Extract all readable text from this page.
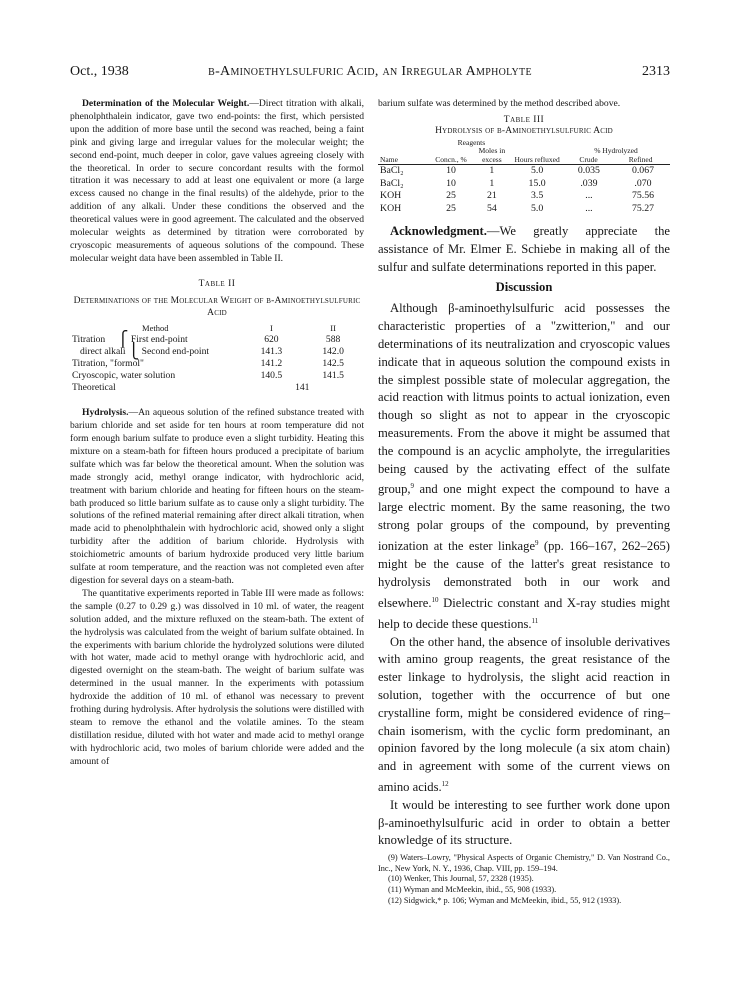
Oct., 1938	β-Aminoethylsulfuric Acid, an Irregular Ampholyte	2313

Determination of the Molecular Weight.—Direct titration with alkali, phenolphthalein indicator, gave two end-points: the first, which persisted upon the addition of more base until the second was reached, being a faint pink and giving large and irregular values for the molecular weight; the second end-point, much deeper in color, gave values agreeing closely with the theoretical. In order to secure concordant results with the formol titration it was necessary to add at least one equivalent or more (a large excess caused no change in the final results) of the aldehyde, prior to the addition of any alkali. Under these conditions the observed and the theoretical values were in good agreement. The calculated and the observed molecular weights as determined by titration were corroborated by cryoscopic measurements of aqueous solutions of the compound. These molecular weight data have been assembled in Table II.

Table II
Determinations of the Molecular Weight of β-Aminoethylsulfuric Acid
Method	I	II
Titration ⎧ First end-point	620	588
direct alkali ⎩ Second end-point	141.3	142.0
Titration, "formol"	141.2	142.5
Cryoscopic, water solution	140.5	141.5
Theoretical	141	

Hydrolysis.—An aqueous solution of the refined substance treated with barium chloride and set aside for ten hours at room temperature did not form enough barium sulfate to produce even a slight turbidity. Heating this mixture on a steam-bath for fifteen hours produced a precipitate of barium sulfate which was far below the theoretical amount. When the solution was made strongly acid, methyl orange indicator, with hydrochloric acid, treatment with barium chloride and heating for fifteen hours on the steam-bath produced so little barium sulfate as to cause only a slight turbidity. The solutions of the refined material remaining after direct alkali titration, when made acid to phenolphthalein with hydrochloric acid, showed only a slight turbidity after the addition of barium chloride. Hydrolysis with stoichiometric amounts of barium hydroxide produced very little barium sulfate at room temperature, and the reaction was not completed even after digestion for several days on a steam-bath.

The quantitative experiments reported in Table III were made as follows: the sample (0.27 to 0.29 g.) was dissolved in 10 ml. of water, the reagent solution added, and the mixture refluxed on the steam-bath. The extent of the hydrolysis was calculated from the weight of barium sulfate obtained. In the experiments with barium chloride the hydrolyzed solutions were diluted with hot water, made acid to methyl orange with hydrochloric acid, and digested overnight on the steam-bath. The weight of barium sulfate was determined in the usual manner. In the experiments with potassium hydroxide the addition of 10 ml. of ethanol was necessary to prevent frothing during hydrolysis. After hydrolysis the solutions were distilled with steam to remove the ethanol and the volatile amines. To the steam distillation residue, diluted with hot water and made acid to methyl orange with hydrochloric acid, two moles of barium chloride were added and the amount of

barium sulfate was determined by the method described above.

Table III
Hydrolysis of β-Aminoethylsulfuric Acid
	Reagents				
Name	Concn., %	Moles in excess	Hours refluxed	% Hydrolyzed
Crude Refined	

BaCl₂	10	1	5.0	0.035	0.067
BaCl₂	10	1	15.0	.039	.070
KOH	25	21	3.5	...	75.56
KOH	25	54	5.0	...	75.27

Acknowledgment.—We greatly appreciate the assistance of Mr. Elmer E. Schiebe in making all of the sulfur and sulfate determinations reported in this paper.

Discussion

Although β-aminoethylsulfuric acid possesses the characteristic properties of a "zwitterion," and our determinations of its neutralization and cryoscopic values indicate that in aqueous solution the compound exists in the simplest possible state of molecular aggregation, the acid reaction with litmus points to actual ionization, even though so slight as not to appear in the cryoscopic measurements. From the above it might be assumed that the compound is an acyclic ampholyte, the irregularities being caused by the activating effect of the sulfate group,$^9$ and one might expect the compound to have a large electric moment. By the same reasoning, the two strong polar groups of the compound, by preventing ionization at the ester linkage$^9$ (pp. 166–167, 262–265) might be the cause of the latter's great resistance to hydrolysis demonstrated both in our work and elsewhere.$^{10}$ Dielectric constant and X-ray studies might help to decide these questions.$^{11}$

On the other hand, the absence of insoluble derivatives with amino group reagents, the great resistance of the ester linkage to hydrolysis, the slight acid reaction in solution, together with the occurrence of but one crystalline form, might be considered evidence of ring–chain isomerism, with the cyclic form predominant, an opinion favored by the long molecule (a six atom chain) and in agreement with some of the current views on amino acids.$^{12}$

It would be interesting to see further work done upon β-aminoethylsulfuric acid in order to obtain a better knowledge of its structure.

(9) Waters–Lowry, "Physical Aspects of Organic Chemistry," D. Van Nostrand Co., Inc., New York, N. Y., 1936, Chap. VIII, pp. 159–194.

(10) Wenker, This Journal, 57, 2328 (1935).

(11) Wyman and McMeekin, ibid., 55, 908 (1933).

(12) Sidgwick,* p. 106; Wyman and McMeekin, ibid., 55, 912 (1933).
